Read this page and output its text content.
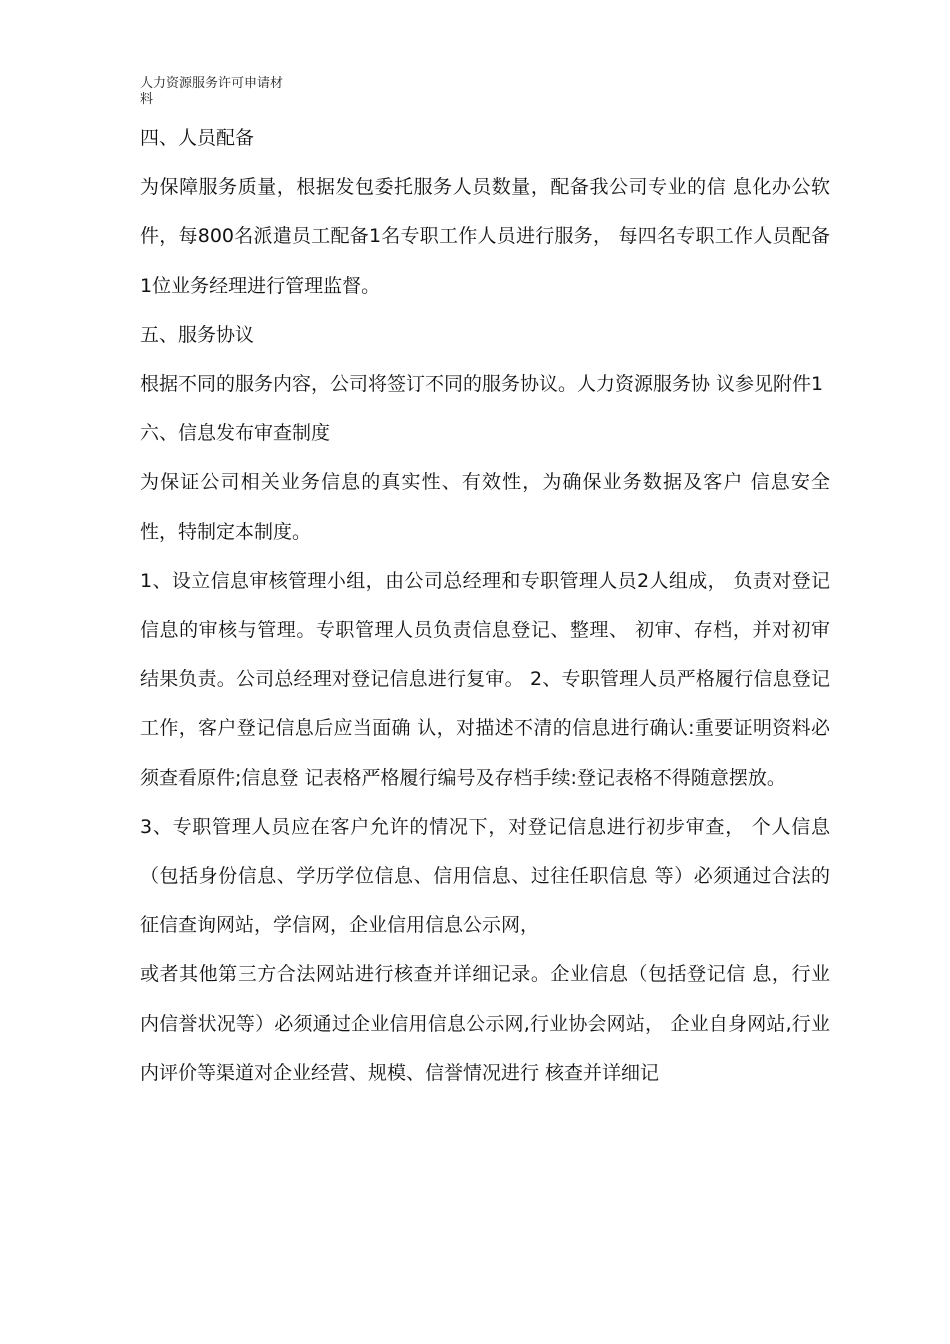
人力资源服务许可申请材
料

四、人员配备

为保障服务质量，根据发包委托服务人员数量，配备我公司专业的信 息化办公软件，每800名派遣员工配备1名专职工作人员进行服务， 每四名专职工作人员配备1位业务经理进行管理监督。

五、服务协议

根据不同的服务内容，公司将签订不同的服务协议。人力资源服务协 议参见附件1

六、信息发布审查制度

为保证公司相关业务信息的真实性、有效性，为确保业务数据及客户 信息安全性，特制定本制度。

1、设立信息审核管理小组，由公司总经理和专职管理人员2人组成， 负责对登记信息的审核与管理。专职管理人员负责信息登记、整理、 初审、存档，并对初审结果负责。公司总经理对登记信息进行复审。 2、专职管理人员严格履行信息登记工作，客户登记信息后应当面确 认，对描述不清的信息进行确认:重要证明资料必须查看原件;信息登 记表格严格履行编号及存档手续:登记表格不得随意摆放。

3、专职管理人员应在客户允许的情况下，对登记信息进行初步审查， 个人信息（包括身份信息、学历学位信息、信用信息、过往任职信息 等）必须通过合法的征信查询网站，学信网，企业信用信息公示网，

或者其他第三方合法网站进行核查并详细记录。企业信息（包括登记信 息，行业内信誉状况等）必须通过企业信用信息公示网,行业协会网站， 企业自身网站,行业内评价等渠道对企业经营、规模、信誉情况进行 核查并详细记
